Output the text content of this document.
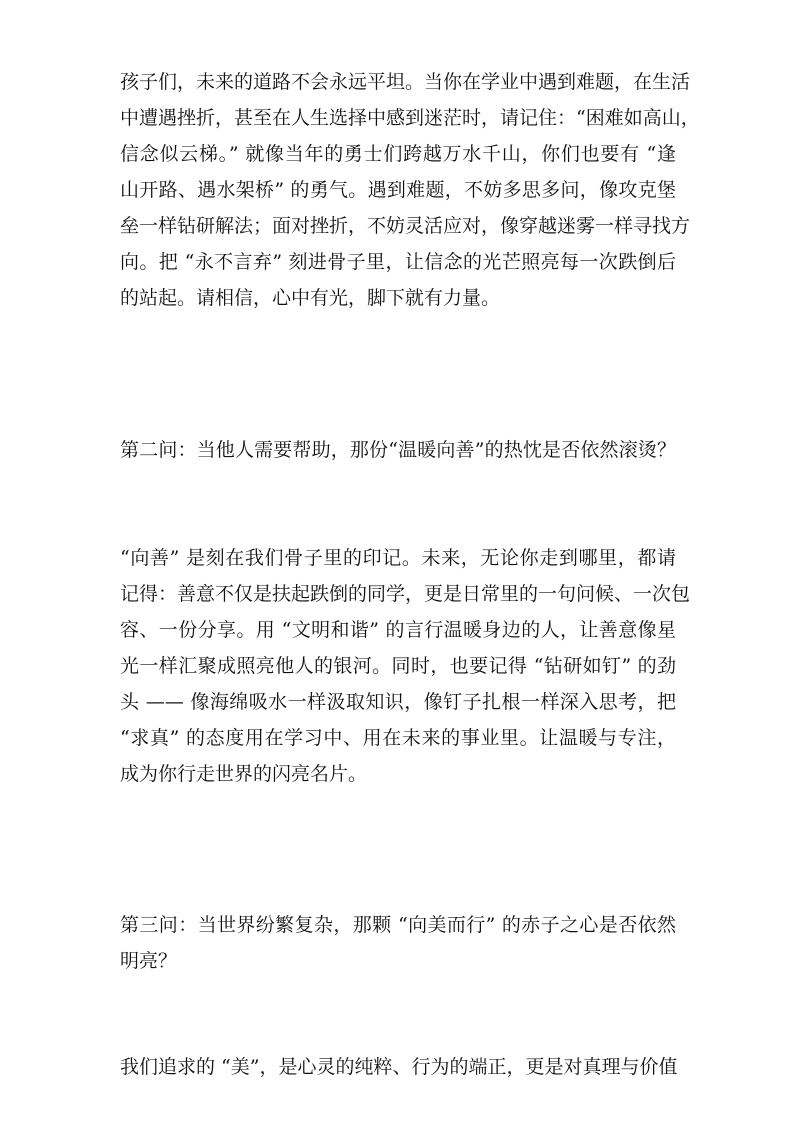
孩子们，未来的道路不会永远平坦。当你在学业中遇到难题，在生活
中遭遇挫折，甚至在人生选择中感到迷茫时，请记住：“困难如高山，
信念似云梯。” 就像当年的勇士们跨越万水千山，你们也要有 “逢
山开路、遇水架桥” 的勇气。遇到难题，不妨多思多问，像攻克堡
垒一样钻研解法；面对挫折，不妨灵活应对，像穿越迷雾一样寻找方
向。把 “永不言弃” 刻进骨子里，让信念的光芒照亮每一次跌倒后
的站起。请相信，心中有光，脚下就有力量。
第二问：当他人需要帮助，那份“温暖向善”的热忱是否依然滚烫？
“向善” 是刻在我们骨子里的印记。未来，无论你走到哪里，都请
记得：善意不仅是扶起跌倒的同学，更是日常里的一句问候、一次包
容、一份分享。用 “文明和谐” 的言行温暖身边的人，让善意像星
光一样汇聚成照亮他人的银河。同时，也要记得 “钻研如钉” 的劲
头 —— 像海绵吸水一样汲取知识，像钉子扎根一样深入思考，把
“求真” 的态度用在学习中、用在未来的事业里。让温暖与专注，
成为你行走世界的闪亮名片。
第三问：当世界纷繁复杂，那颗 “向美而行” 的赤子之心是否依然
明亮？
我们追求的 “美”，是心灵的纯粹、行为的端正，更是对真理与价值
